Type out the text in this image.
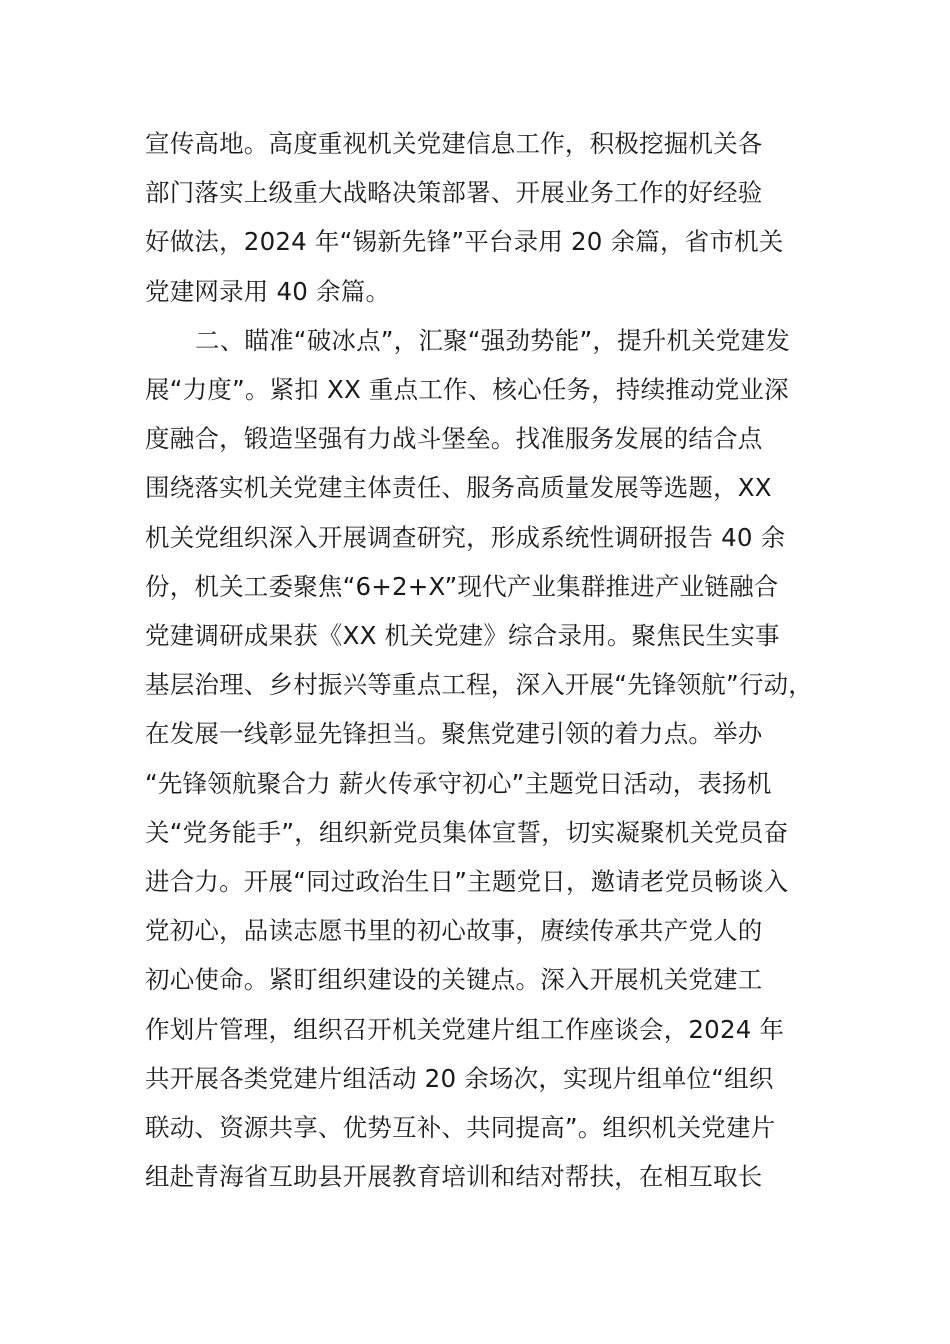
宣传高地。高度重视机关党建信息工作，积极挖掘机关各
部门落实上级重大战略决策部署、开展业务工作的好经验
好做法，2024 年“锡新先锋”平台录用 20 余篇，省市机关
党建网录用 40 余篇。
二、瞄准“破冰点”，汇聚“强劲势能”，提升机关党建发
展“力度”。紧扣 XX 重点工作、核心任务，持续推动党业深
度融合，锻造坚强有力战斗堡垒。找准服务发展的结合点
围绕落实机关党建主体责任、服务高质量发展等选题，XX
机关党组织深入开展调查研究，形成系统性调研报告 40 余
份，机关工委聚焦“6+2+X”现代产业集群推进产业链融合
党建调研成果获《XX 机关党建》综合录用。聚焦民生实事
基层治理、乡村振兴等重点工程，深入开展“先锋领航”行动，
在发展一线彰显先锋担当。聚焦党建引领的着力点。举办
“先锋领航聚合力 薪火传承守初心”主题党日活动，表扬机
关“党务能手”，组织新党员集体宣誓，切实凝聚机关党员奋
进合力。开展“同过政治生日”主题党日，邀请老党员畅谈入
党初心，品读志愿书里的初心故事，赓续传承共产党人的
初心使命。紧盯组织建设的关键点。深入开展机关党建工
作划片管理，组织召开机关党建片组工作座谈会，2024 年
共开展各类党建片组活动 20 余场次，实现片组单位“组织
联动、资源共享、优势互补、共同提高”。组织机关党建片
组赴青海省互助县开展教育培训和结对帮扶，在相互取长
